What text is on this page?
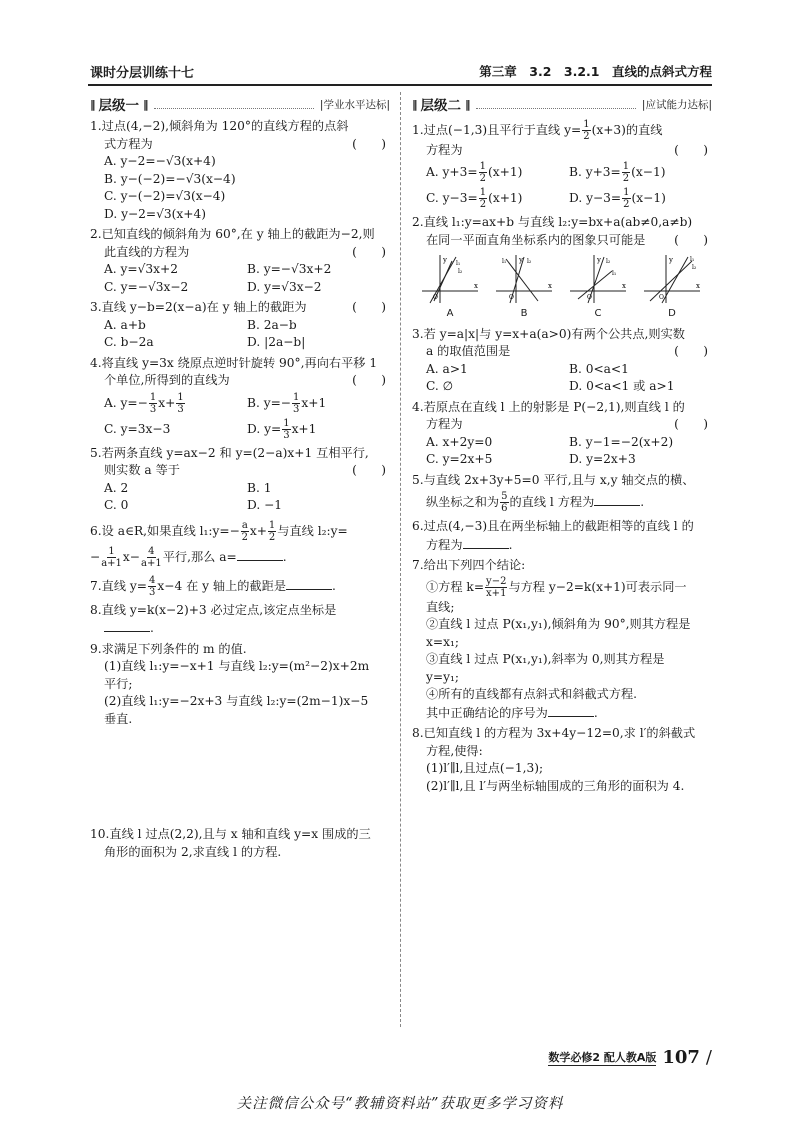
课时分层训练十七	第三章　3.2　3.2.1　直线的点斜式方程
‖ 层级一 ‖	|学业水平达标|
1.过点(4,−2),倾斜角为 120°的直线方程的点斜
式方程为	(　　)
A. y−2=−√3(x+4)
B. y−(−2)=−√3(x−4)
C. y−(−2)=√3(x−4)
D. y−2=√3(x+4)
2.已知直线的倾斜角为 60°,在 y 轴上的截距为−2,则
此直线的方程为	(　　)
A. y=√3x+2	B. y=−√3x+2
C. y=−√3x−2	D. y=√3x−2
3.直线 y−b=2(x−a)在 y 轴上的截距为	(　　)
A. a+b	B. 2a−b
C. b−2a	D. |2a−b|
4.将直线 y=3x 绕原点逆时针旋转 90°,再向右平移 1
个单位,所得到的直线为	(　　)
A. $y=- \frac{1}{3} x+ \frac{1}{3}$	B. $y=- \frac{1}{3} x+1$
C. y=3x−3	D. $y= \frac{1}{3} x+1$
5.若两条直线 y=ax−2 和 y=(2−a)x+1 互相平行,
则实数 a 等于	(　　)
A. 2	B. 1
C. 0	D. −1
6.设 a∈R,如果直线 l₁:y=− $\frac{a}{2} x+ \frac{1}{2}$ 与直线 l₂:y=
− $\frac{1}{a+1} x- \frac{4}{a+1}$ 平行,那么 a=	.
7.直线 $y= \frac{4}{3} x-4$ 在 y 轴上的截距是	.
8.直线 y=k(x−2)+3 必过定点,该定点坐标是
.
9.求满足下列条件的 m 的值.
(1)直线 l₁:y=−x+1 与直线 l₂:y=(m²−2)x+2m
平行;
(2)直线 l₁:y=−2x+3 与直线 l₂:y=(2m−1)x−5
垂直.
10.直线 l 过点(2,2),且与 x 轴和直线 y=x 围成的三
角形的面积为 2,求直线 l 的方程.
‖ 层级二 ‖	|应试能力达标|
1.过点(−1,3)且平行于直线 $y= \frac{1}{2} (x+3)$的直线
方程为	(　　)
A. $y+3= \frac{1}{2} (x+1)$	B. $y+3= \frac{1}{2} (x-1)$
C. $y-3= \frac{1}{2} (x+1)$	D. $y-3= \frac{1}{2} (x-1)$
2.直线 l₁:y=ax+b 与直线 l₂:y=bx+a(ab≠0,a≠b)
在同一平面直角坐标系内的图象只可能是 (　　)
y
x
O
l₁
l₂
A
y
x
O
l₁	l₂
B
y
x
O
l₁
l₂
C
y
x
O
l₁
l₂
D
3.若 y=a|x|与 y=x+a(a>0)有两个公共点,则实数
a 的取值范围是	(　　)
A. a>1	B. 0<a<1
C. ∅	D. 0<a<1 或 a>1
4.若原点在直线 l 上的射影是 P(−2,1),则直线 l 的
方程为	(　　)
A. x+2y=0	B. y−1=−2(x+2)
C. y=2x+5	D. y=2x+3
5.与直线 2x+3y+5=0 平行,且与 x,y 轴交点的横、
纵坐标之和为 $\frac{5}{6}$ 的直线 l 方程为	.
6.过点(4,−3)且在两坐标轴上的截距相等的直线 l 的
方程为	.
7.给出下列四个结论:
①方程 $k= \frac{y-2}{x+1}$ 与方程 y−2=k(x+1)可表示同一
直线;
②直线 l 过点 P(x₁,y₁),倾斜角为 90°,则其方程是
x=x₁;
③直线 l 过点 P(x₁,y₁),斜率为 0,则其方程是
y=y₁;
④所有的直线都有点斜式和斜截式方程.
其中正确结论的序号为	.
8.已知直线 l 的方程为 3x+4y−12=0,求 l′的斜截式
方程,使得:
(1)l′∥l,且过点(−1,3);
(2)l′∥l,且 l′与两坐标轴围成的三角形的面积为 4.
数学必修2 配人教A版 107 /
关注微信公众号“教辅资料站”获取更多学习资料
